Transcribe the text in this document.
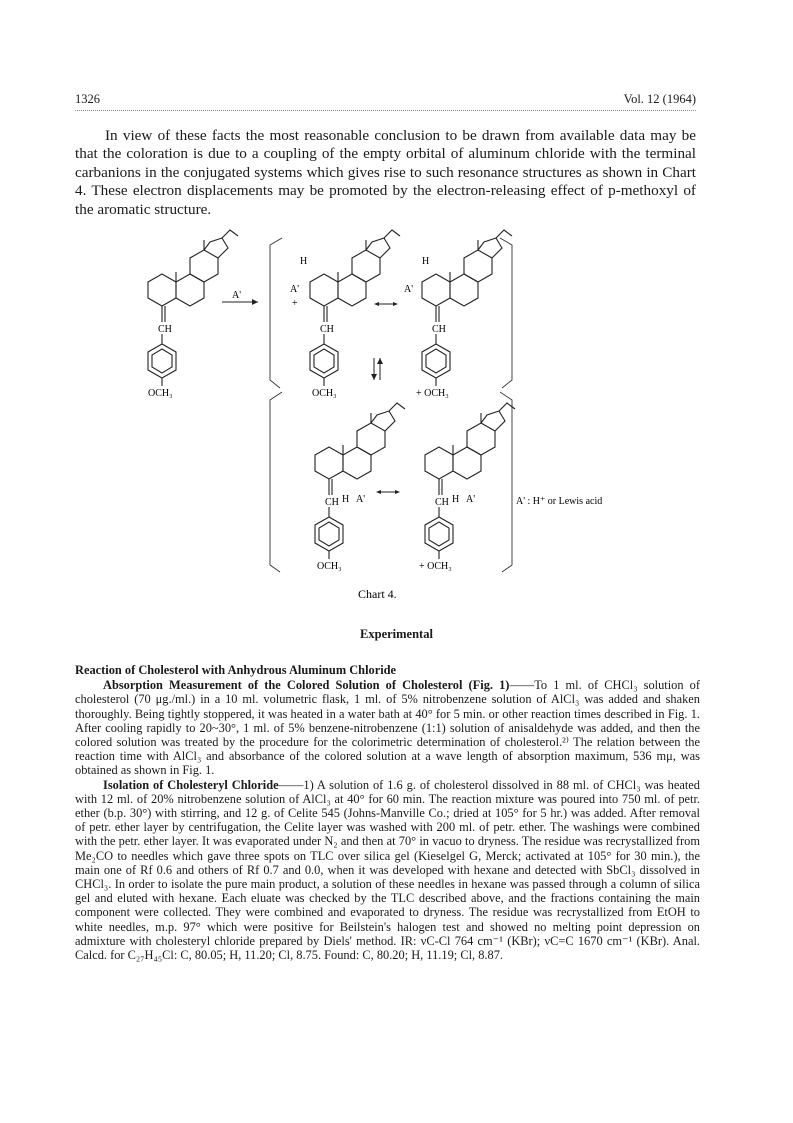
1326	Vol. 12 (1964)

In view of these facts the most reasonable conclusion to be drawn from available data may be that the coloration is due to a coupling of the empty orbital of aluminum chloride with the terminal carbanions in the conjugated systems which gives rise to such resonance structures as shown in Chart 4. These electron displacements may be promoted by the electron-releasing effect of p-methoxyl of the aromatic structure.

CH
OCH₃
A'
CH
OCH₃
H
A'
+
CH
+ OCH₃
H
A'
CH
OCH₃
H A'	CH
+ OCH₃
H A'	A' : H⁺ or Lewis acid
Chart 4.
Experimental

Reaction of Cholesterol with Anhydrous Aluminum Chloride

Absorption Measurement of the Colored Solution of Cholesterol (Fig. 1)——To 1 ml. of CHCl₃ solution of cholesterol (70 μg./ml.) in a 10 ml. volumetric flask, 1 ml. of 5% nitrobenzene solution of AlCl₃ was added and shaken thoroughly. Being tightly stoppered, it was heated in a water bath at 40° for 5 min. or other reaction times described in Fig. 1. After cooling rapidly to 20~30°, 1 ml. of 5% benzene-nitrobenzene (1:1) solution of anisaldehyde was added, and then the colored solution was treated by the procedure for the colorimetric determination of cholesterol.²⁾ The relation between the reaction time with AlCl₃ and absorbance of the colored solution at a wave length of absorption maximum, 536 mμ, was obtained as shown in Fig. 1.

Isolation of Cholesteryl Chloride——1) A solution of 1.6 g. of cholesterol dissolved in 88 ml. of CHCl₃ was heated with 12 ml. of 20% nitrobenzene solution of AlCl₃ at 40° for 60 min. The reaction mixture was poured into 750 ml. of petr. ether (b.p. 30°) with stirring, and 12 g. of Celite 545 (Johns-Manville Co.; dried at 105° for 5 hr.) was added. After removal of petr. ether layer by centrifugation, the Celite layer was washed with 200 ml. of petr. ether. The washings were combined with the petr. ether layer. It was evaporated under N₂ and then at 70° in vacuo to dryness. The residue was recrystallized from Me₂CO to needles which gave three spots on TLC over silica gel (Kieselgel G, Merck; activated at 105° for 30 min.), the main one of Rf 0.6 and others of Rf 0.7 and 0.0, when it was developed with hexane and detected with SbCl₃ dissolved in CHCl₃. In order to isolate the pure main product, a solution of these needles in hexane was passed through a column of silica gel and eluted with hexane. Each eluate was checked by the TLC described above, and the fractions containing the main component were collected. They were combined and evaporated to dryness. The residue was recrystallized from EtOH to white needles, m.p. 97° which were positive for Beilstein's halogen test and showed no melting point depression on admixture with cholesteryl chloride prepared by Diels' method. IR: νC-Cl 764 cm⁻¹ (KBr); νC=C 1670 cm⁻¹ (KBr). Anal. Calcd. for C₂₇H₄₅Cl: C, 80.05; H, 11.20; Cl, 8.75. Found: C, 80.20; H, 11.19; Cl, 8.87.
